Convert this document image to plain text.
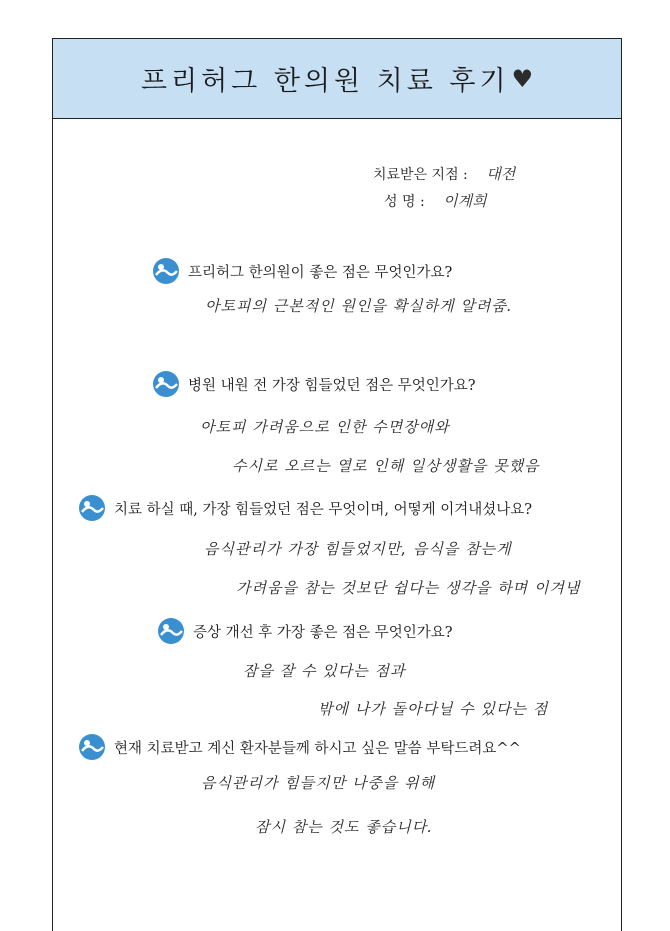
프리허그 한의원 치료 후기 ♥
치료받은 지점 : 대전
성 명 : 이계희
프리허그 한의원이 좋은 점은 무엇인가요?
아토피의 근본적인 원인을 확실하게 알려줌.
병원 내원 전 가장 힘들었던 점은 무엇인가요?
아토피 가려움으로 인한 수면장애와
수시로 오르는 열로 인해 일상생활을 못했음
치료 하실 때, 가장 힘들었던 점은 무엇이며, 어떻게 이겨내셨나요?
음식관리가 가장 힘들었지만, 음식을 참는게
가려움을 참는 것보단 쉽다는 생각을 하며 이겨냄
증상 개선 후 가장 좋은 점은 무엇인가요?
잠을 잘 수 있다는 점과
밖에 나가 돌아다닐 수 있다는 점
현재 치료받고 계신 환자분들께 하시고 싶은 말씀 부탁드려요^^
음식관리가 힘들지만 나중을 위해
잠시 참는 것도 좋습니다.
